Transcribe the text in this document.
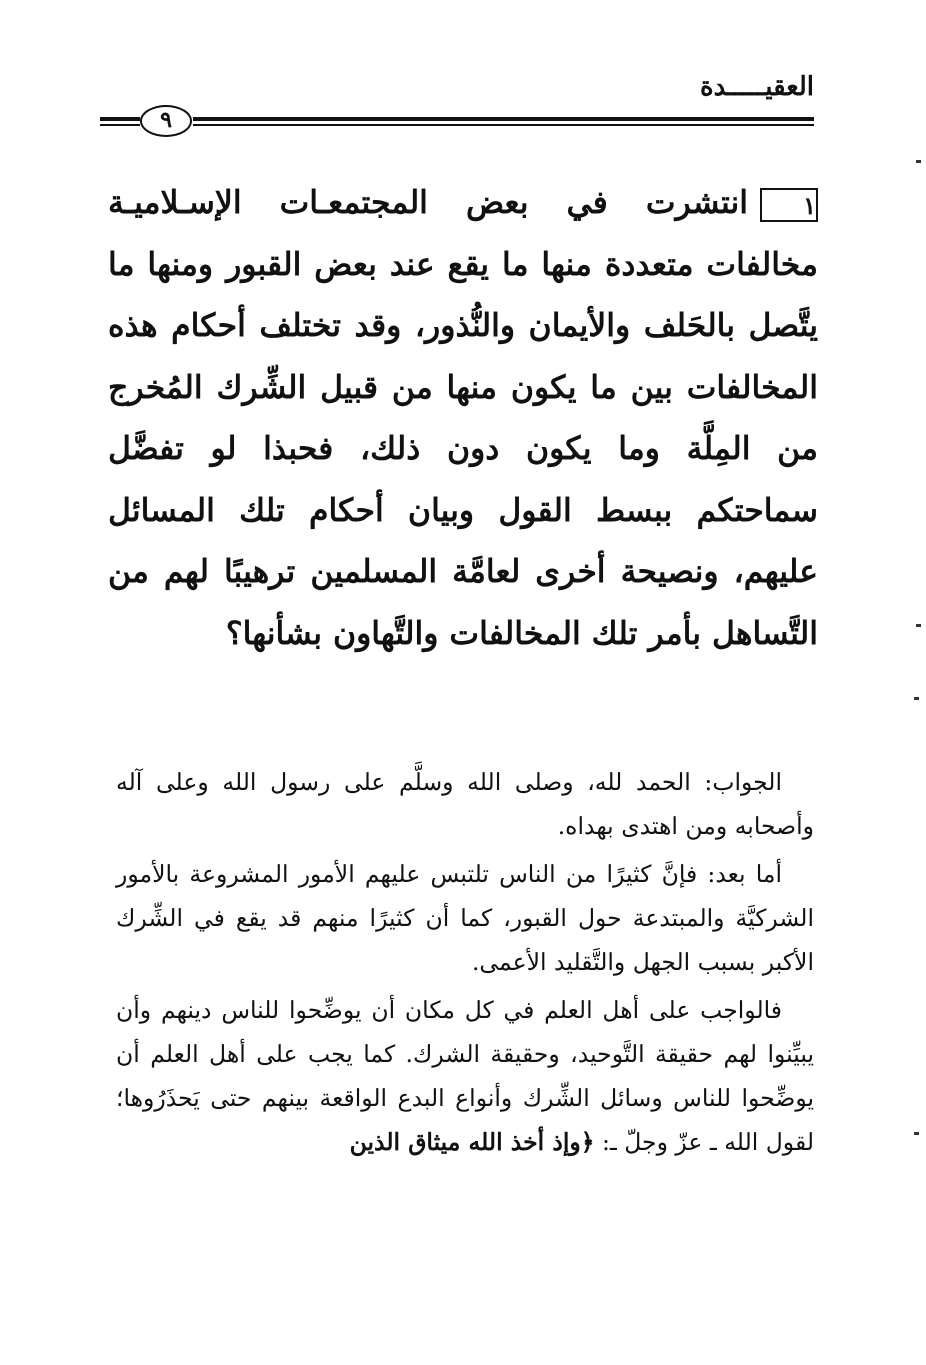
العقيـــــدة
٩
١انتشرت في بعض المجتمعـات الإسـلاميـة مخالفات متعددة منها ما يقع عند بعض القبور ومنها ما يتَّصل بالحَلف والأيمان والنُّذور، وقد تختلف أحكام هذه المخالفات بين ما يكون منها من قبيل الشِّرك المُخرج من المِلَّة وما يكون دون ذلك، فحبذا لو تفضَّل سماحتكم ببسط القول وبيان أحكام تلك المسائل عليهم، ونصيحة أخرى لعامَّة المسلمين ترهيبًا لهم من التَّساهل بأمر تلك المخالفات والتَّهاون بشأنها؟

الجواب: الحمد لله، وصلى الله وسلَّم على رسول الله وعلى آله وأصحابه ومن اهتدى بهداه.

أما بعد: فإنَّ كثيرًا من الناس تلتبس عليهم الأمور المشروعة بالأمور الشركيَّة والمبتدعة حول القبور، كما أن كثيرًا منهم قد يقع في الشِّرك الأكبر بسبب الجهل والتَّقليد الأعمى.

فالواجب على أهل العلم في كل مكان أن يوضِّحوا للناس دينهم وأن يبيِّنوا لهم حقيقة التَّوحيد، وحقيقة الشرك. كما يجب على أهل العلم أن يوضِّحوا للناس وسائل الشِّرك وأنواع البدع الواقعة بينهم حتى يَحذَرُوها؛ لقول الله ـ عزّ وجلّ ـ: ﴿وإذ أخذ الله ميثاق الذين
